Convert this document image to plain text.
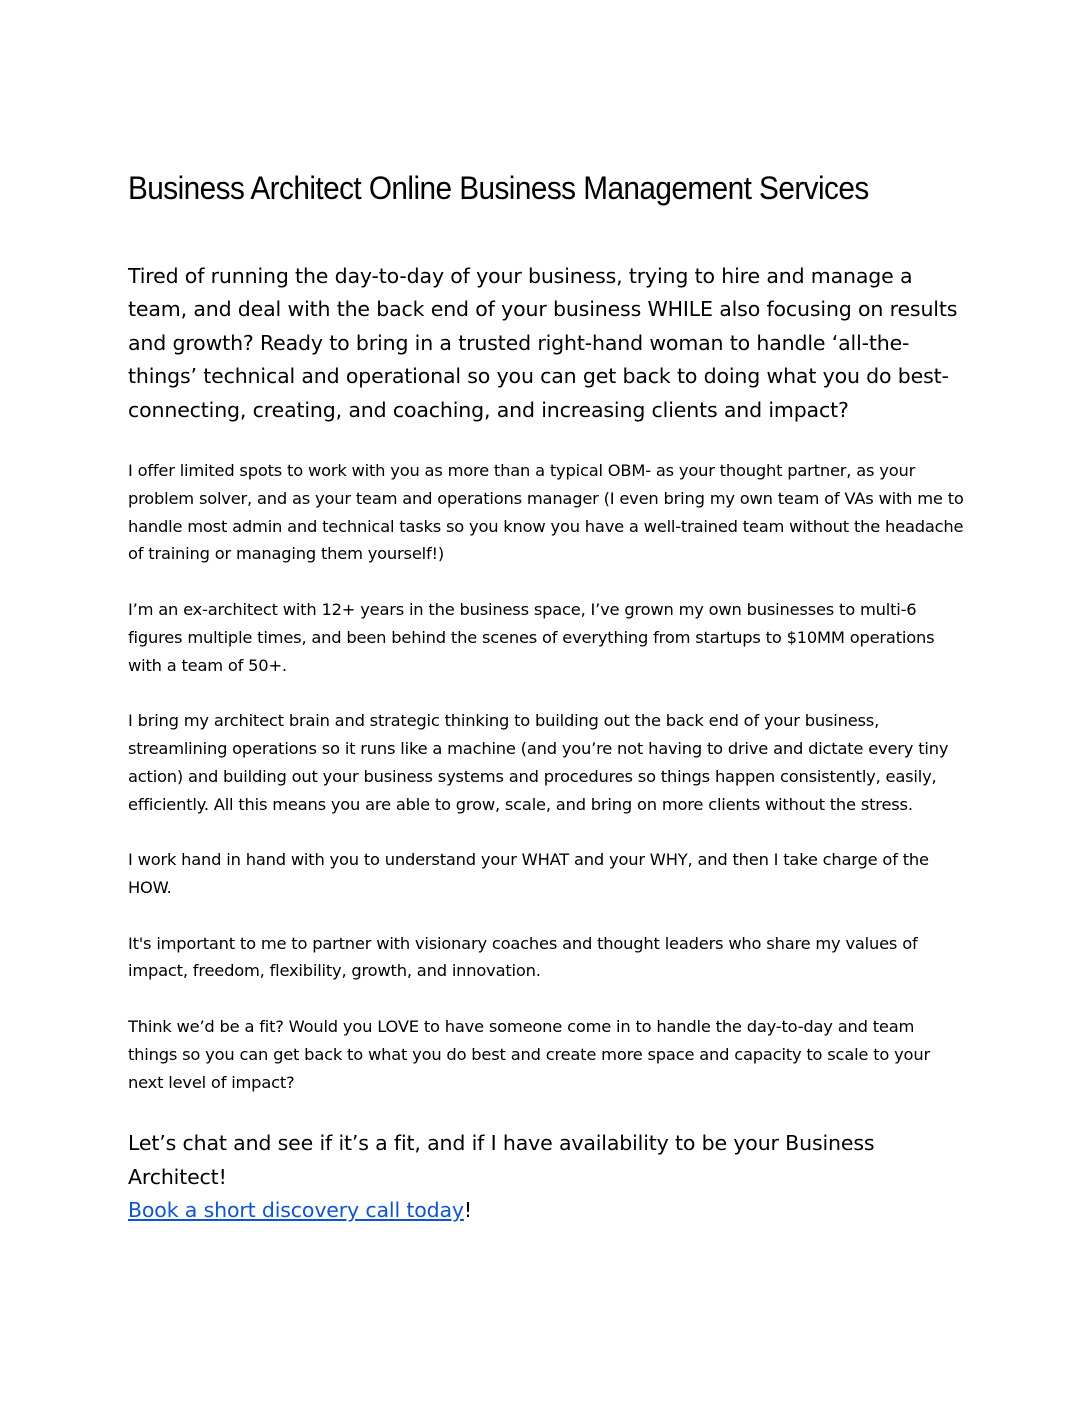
Business Architect Online Business Management Services

Tired of running the day-to-day of your business, trying to hire and manage a team, and deal with the back end of your business WHILE also focusing on results and growth? Ready to bring in a trusted right-hand woman to handle ‘all-the-things’ technical and operational so you can get back to doing what you do best- connecting, creating, and coaching, and increasing clients and impact?

I offer limited spots to work with you as more than a typical OBM- as your thought partner, as your problem solver, and as your team and operations manager (I even bring my own team of VAs with me to handle most admin and technical tasks so you know you have a well-trained team without the headache of training or managing them yourself!)

I’m an ex-architect with 12+ years in the business space, I’ve grown my own businesses to multi-6 figures multiple times, and been behind the scenes of everything from startups to $10MM operations with a team of 50+.

I bring my architect brain and strategic thinking to building out the back end of your business, streamlining operations so it runs like a machine (and you’re not having to drive and dictate every tiny action) and building out your business systems and procedures so things happen consistently, easily, efficiently. All this means you are able to grow, scale, and bring on more clients without the stress.

I work hand in hand with you to understand your WHAT and your WHY, and then I take charge of the HOW.

It's important to me to partner with visionary coaches and thought leaders who share my values of impact, freedom, flexibility, growth, and innovation.

Think we’d be a fit? Would you LOVE to have someone come in to handle the day-to-day and team things so you can get back to what you do best and create more space and capacity to scale to your next level of impact?

Let’s chat and see if it’s a fit, and if I have availability to be your Business Architect!
Book a short discovery call today!
